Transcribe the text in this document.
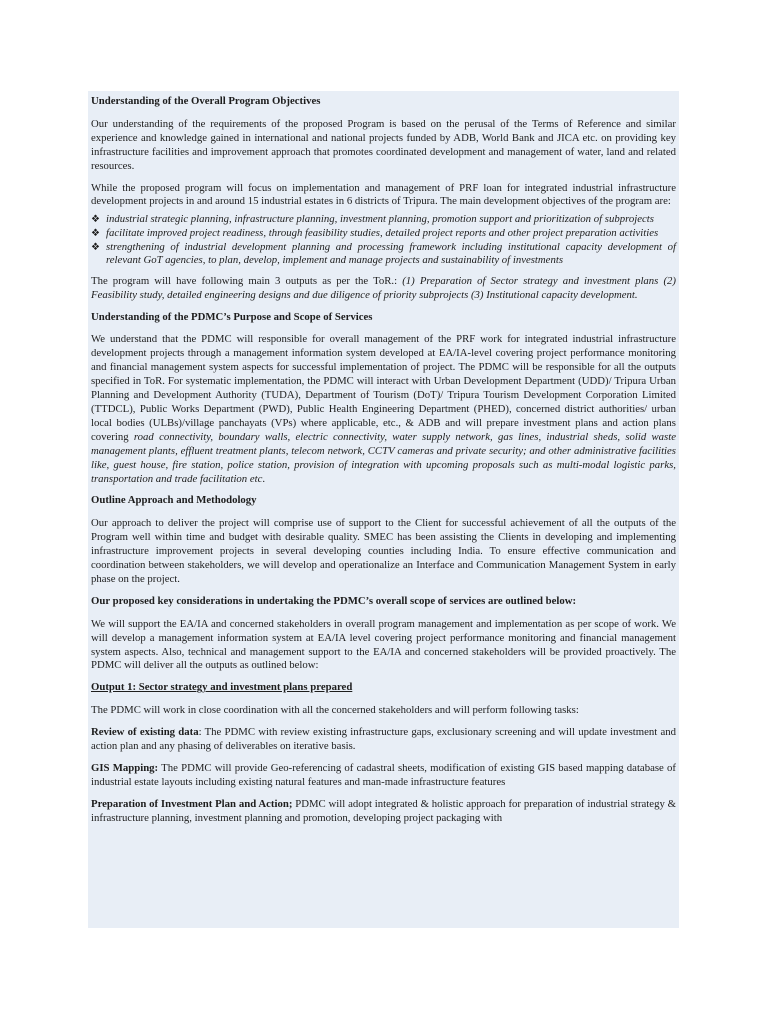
Understanding of the Overall Program Objectives
Our understanding of the requirements of the proposed Program is based on the perusal of the Terms of Reference and similar experience and knowledge gained in international and national projects funded by ADB, World Bank and JICA etc. on providing key infrastructure facilities and improvement approach that promotes coordinated development and management of water, land and related resources.
While the proposed program will focus on implementation and management of PRF loan for integrated industrial infrastructure development projects in and around 15 industrial estates in 6 districts of Tripura. The main development objectives of the program are:
❖ industrial strategic planning, infrastructure planning, investment planning, promotion support and prioritization of subprojects
❖ facilitate improved project readiness, through feasibility studies, detailed project reports and other project preparation activities
❖ strengthening of industrial development planning and processing framework including institutional capacity development of relevant GoT agencies, to plan, develop, implement and manage projects and sustainability of investments
The program will have following main 3 outputs as per the ToR.: (1) Preparation of Sector strategy and investment plans (2) Feasibility study, detailed engineering designs and due diligence of priority subprojects (3) Institutional capacity development.
Understanding of the PDMC’s Purpose and Scope of Services
We understand that the PDMC will responsible for overall management of the PRF work for integrated industrial infrastructure development projects through a management information system developed at EA/IA-level covering project performance monitoring and financial management system aspects for successful implementation of project. The PDMC will be responsible for all the outputs specified in ToR. For systematic implementation, the PDMC will interact with Urban Development Department (UDD)/ Tripura Urban Planning and Development Authority (TUDA), Department of Tourism (DoT)/ Tripura Tourism Development Corporation Limited (TTDCL), Public Works Department (PWD), Public Health Engineering Department (PHED), concerned district authorities/ urban local bodies (ULBs)/village panchayats (VPs) where applicable, etc., & ADB and will prepare investment plans and action plans covering road connectivity, boundary walls, electric connectivity, water supply network, gas lines, industrial sheds, solid waste management plants, effluent treatment plants, telecom network, CCTV cameras and private security; and other administrative facilities like, guest house, fire station, police station, provision of integration with upcoming proposals such as multi-modal logistic parks, transportation and trade facilitation etc.
Outline Approach and Methodology
Our approach to deliver the project will comprise use of support to the Client for successful achievement of all the outputs of the Program well within time and budget with desirable quality. SMEC has been assisting the Clients in developing and implementing infrastructure improvement projects in several developing counties including India. To ensure effective communication and coordination between stakeholders, we will develop and operationalize an Interface and Communication Management System in early phase on the project.
Our proposed key considerations in undertaking the PDMC’s overall scope of services are outlined below:
We will support the EA/IA and concerned stakeholders in overall program management and implementation as per scope of work. We will develop a management information system at EA/IA level covering project performance monitoring and financial management system aspects. Also, technical and management support to the EA/IA and concerned stakeholders will be provided proactively. The PDMC will deliver all the outputs as outlined below:
Output 1: Sector strategy and investment plans prepared
The PDMC will work in close coordination with all the concerned stakeholders and will perform following tasks:
Review of existing data: The PDMC with review existing infrastructure gaps, exclusionary screening and will update investment and action plan and any phasing of deliverables on iterative basis.
GIS Mapping: The PDMC will provide Geo-referencing of cadastral sheets, modification of existing GIS based mapping database of industrial estate layouts including existing natural features and man-made infrastructure features
Preparation of Investment Plan and Action; PDMC will adopt integrated & holistic approach for preparation of industrial strategy & infrastructure planning, investment planning and promotion, developing project packaging with
